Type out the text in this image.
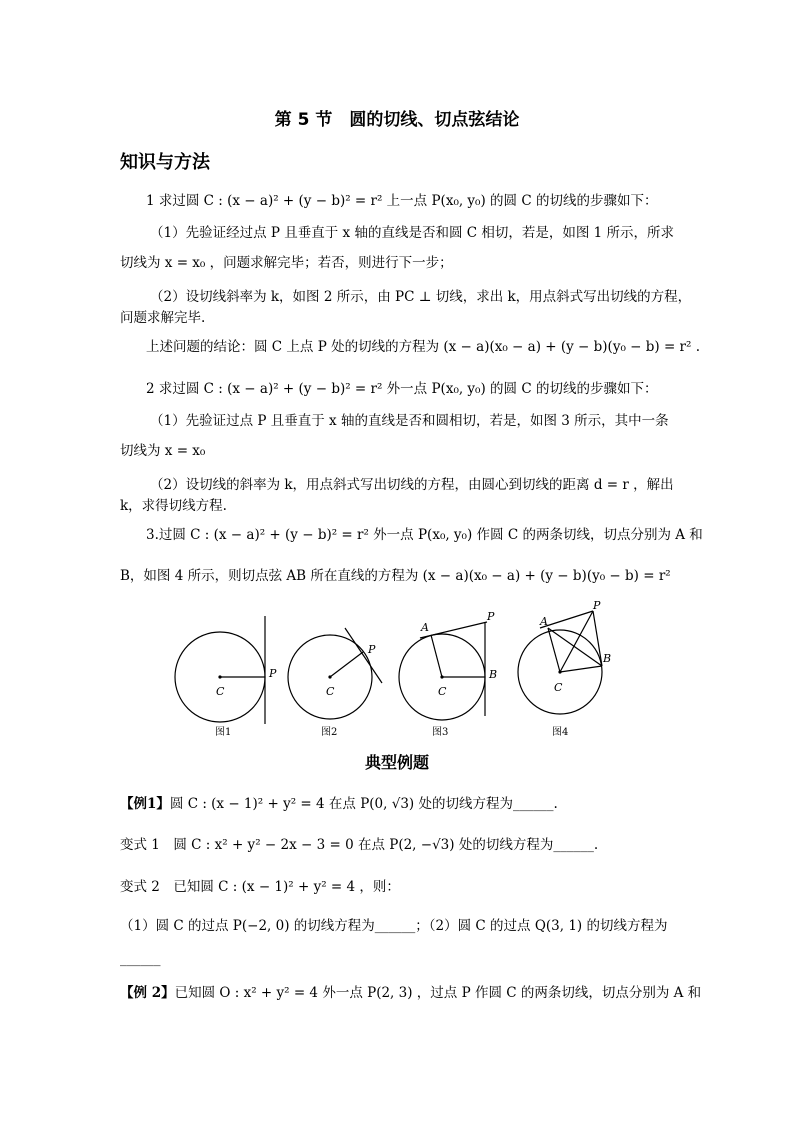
第 5 节　圆的切线、切点弦结论
知识与方法
1 求过圆 C : (x − a)² + (y − b)² = r² 上一点 P(x₀, y₀) 的圆 C 的切线的步骤如下：
（1）先验证经过点 P 且垂直于 x 轴的直线是否和圆 C 相切，若是，如图 1 所示，所求
切线为 x = x₀ ，问题求解完毕；若否，则进行下一步；
（2）设切线斜率为 k，如图 2 所示，由 PC ⊥ 切线，求出 k，用点斜式写出切线的方程，
问题求解完毕.
上述问题的结论：圆 C 上点 P 处的切线的方程为 (x − a)(x₀ − a) + (y − b)(y₀ − b) = r² .
2 求过圆 C : (x − a)² + (y − b)² = r² 外一点 P(x₀, y₀) 的圆 C 的切线的步骤如下：
（1）先验证过点 P 且垂直于 x 轴的直线是否和圆相切，若是，如图 3 所示，其中一条
切线为 x = x₀
（2）设切线的斜率为 k，用点斜式写出切线的方程，由圆心到切线的距离 d = r ，解出
k，求得切线方程.
3.过圆 C : (x − a)² + (y − b)² = r² 外一点 P(x₀, y₀) 作圆 C 的两条切线，切点分别为 A 和
B，如图 4 所示，则切点弦 AB 所在直线的方程为 (x − a)(x₀ − a) + (y − b)(y₀ − b) = r²
C
P
图1
C
P
图2
C
P
A
B
图3
C
P
A
B
图4
典型例题
【例1】圆 C : (x − 1)² + y² = 4 在点 P(0, √3) 处的切线方程为______.
变式 1　圆 C : x² + y² − 2x − 3 = 0 在点 P(2, −√3) 处的切线方程为______.
变式 2　已知圆 C : (x − 1)² + y² = 4 ，则：
（1）圆 C 的过点 P(−2, 0) 的切线方程为______；（2）圆 C 的过点 Q(3, 1) 的切线方程为
______
【例 2】已知圆 O : x² + y² = 4 外一点 P(2, 3) ，过点 P 作圆 C 的两条切线，切点分别为 A 和
